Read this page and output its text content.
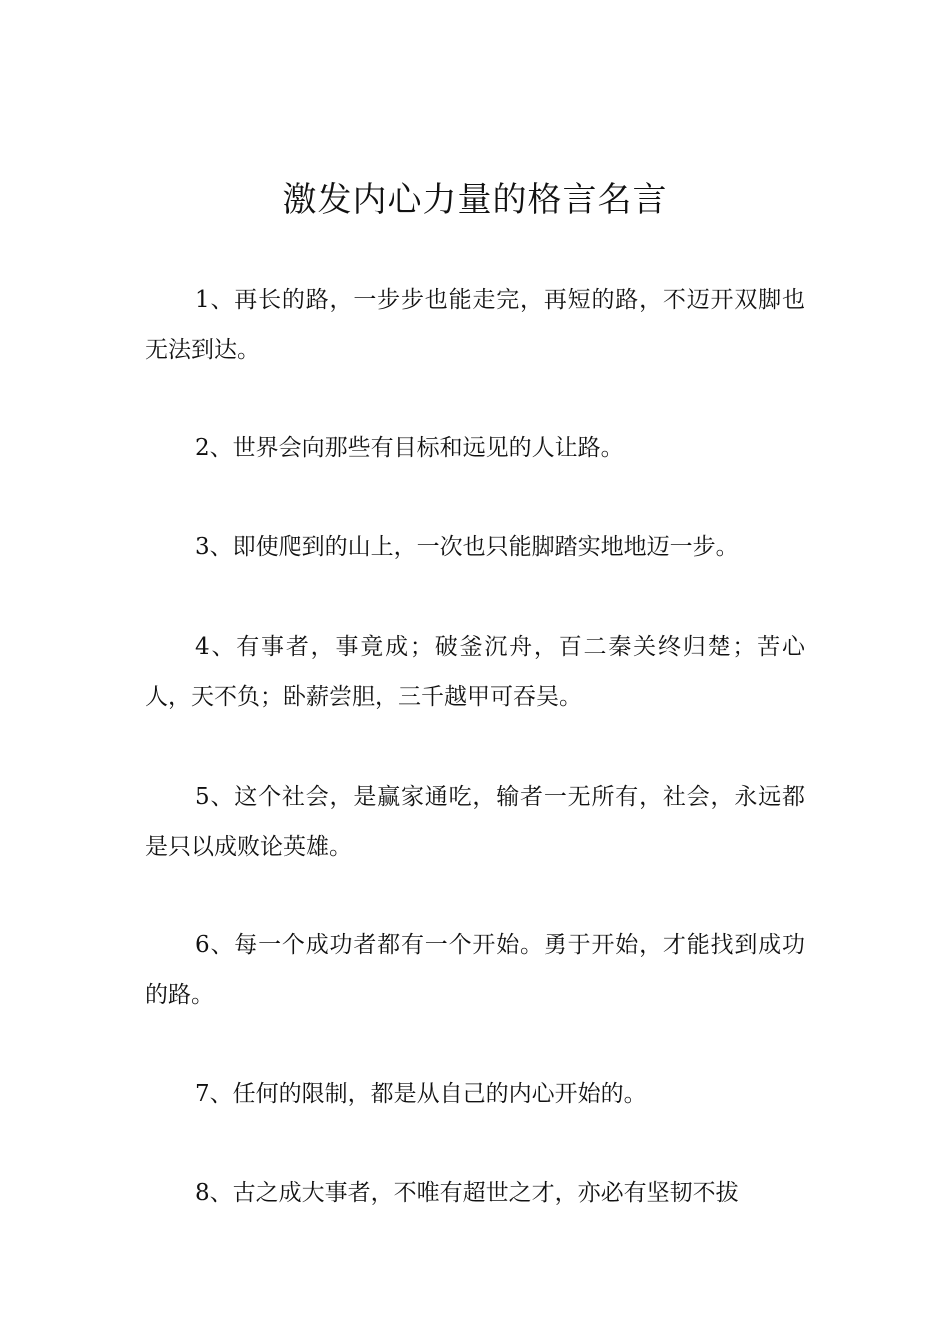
激发内心力量的格言名言

1、再长的路，一步步也能走完，再短的路，不迈开双脚也无法到达。

2、世界会向那些有目标和远见的人让路。

3、即使爬到的山上，一次也只能脚踏实地地迈一步。

4、有事者，事竟成；破釜沉舟，百二秦关终归楚；苦心人，天不负；卧薪尝胆，三千越甲可吞吴。

5、这个社会，是赢家通吃，输者一无所有，社会，永远都是只以成败论英雄。

6、每一个成功者都有一个开始。勇于开始，才能找到成功的路。

7、任何的限制，都是从自己的内心开始的。

8、古之成大事者，不唯有超世之才，亦必有坚韧不拔
